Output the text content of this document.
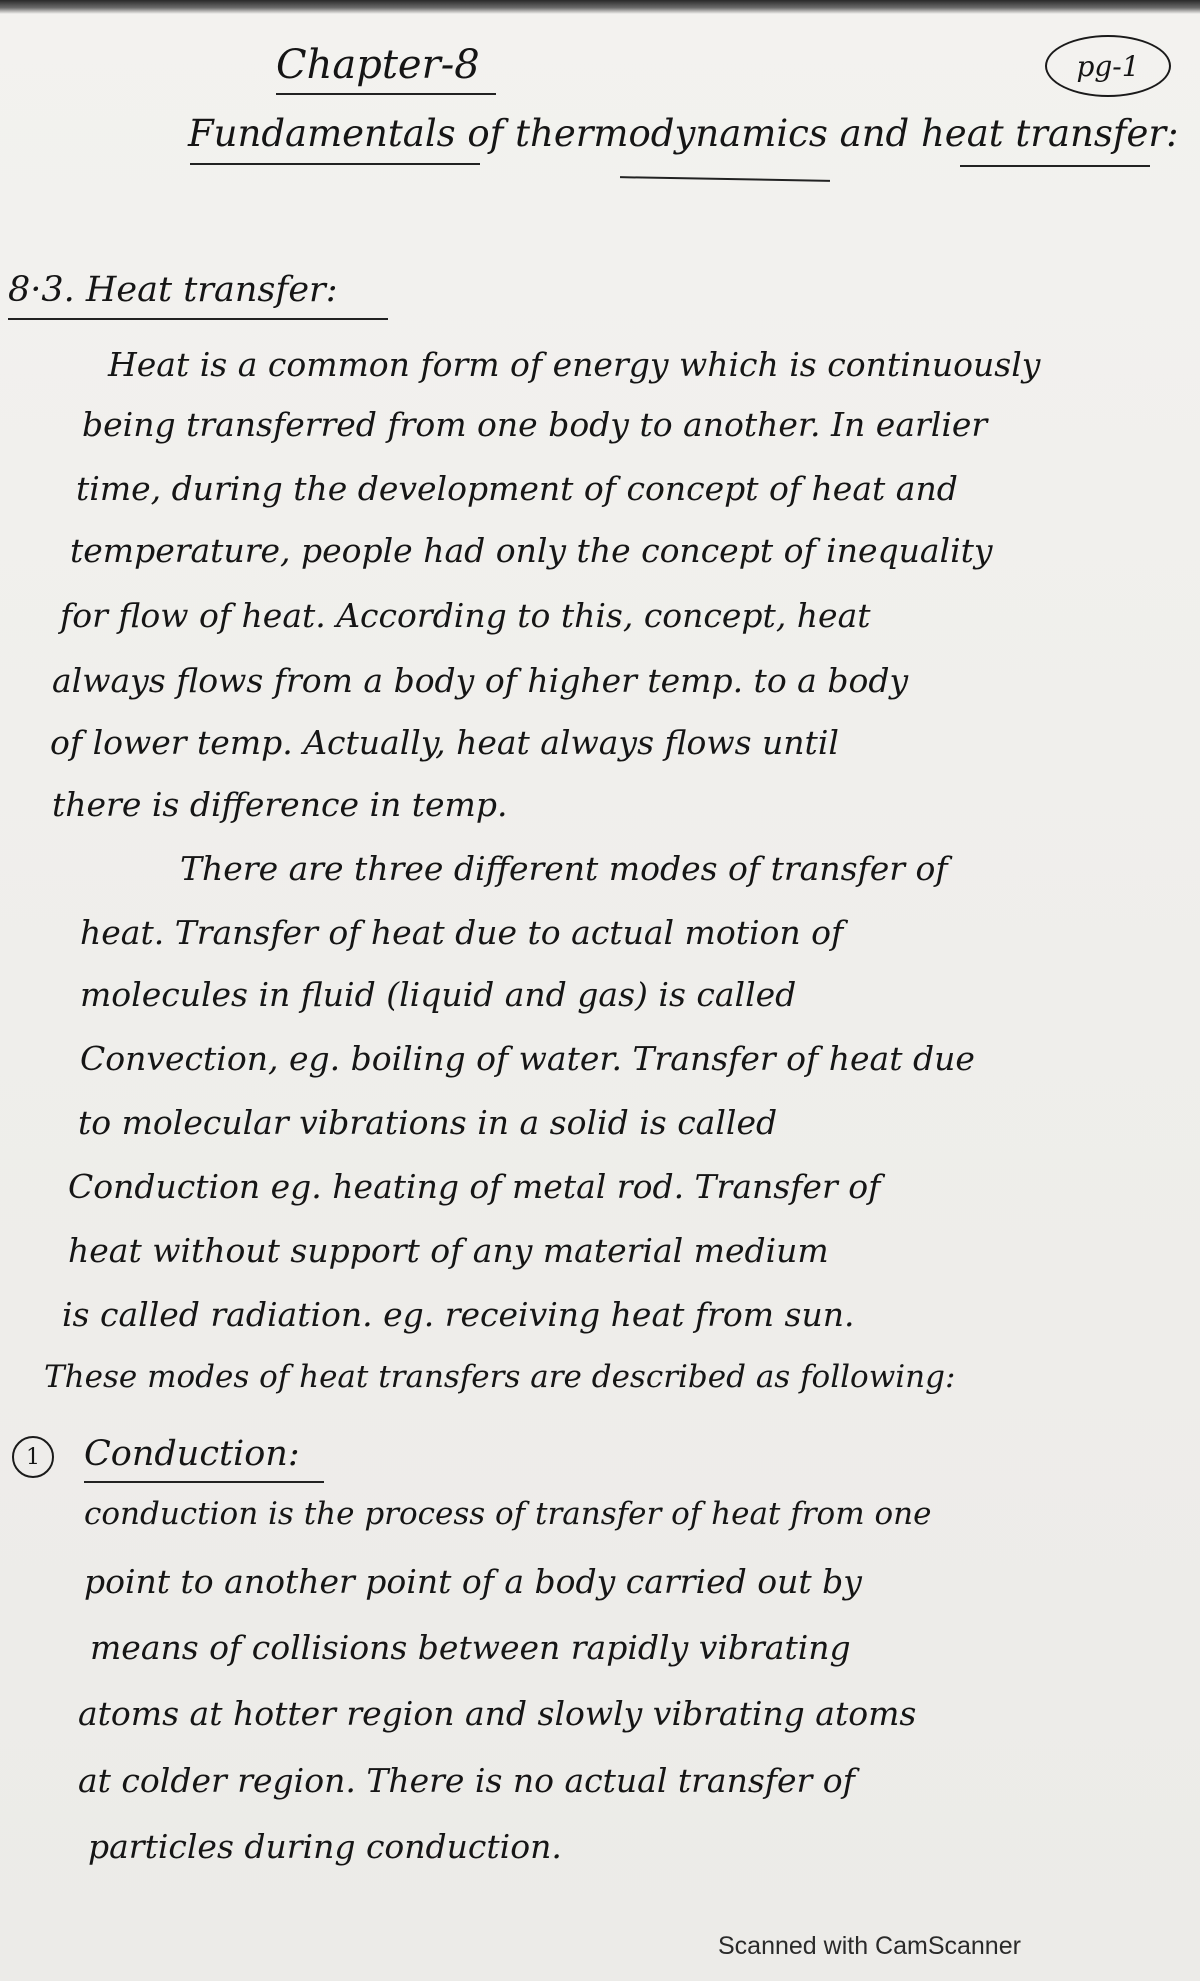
Chapter-8	pg-1
Fundamentals of thermodynamics and heat transfer:
8·3. Heat transfer:
Heat is a common form of energy which is continuously
being transferred from one body to another. In earlier
time, during the development of concept of heat and
temperature, people had only the concept of inequality
for flow of heat. According to this, concept, heat
always flows from a body of higher temp. to a body
of lower temp. Actually, heat always flows until
there is difference in temp.
There are three different modes of transfer of
heat. Transfer of heat due to actual motion of
molecules in fluid (liquid and gas) is called
Convection, eg. boiling of water. Transfer of heat due
to molecular vibrations in a solid is called
Conduction eg. heating of metal rod. Transfer of
heat without support of any material medium
is called radiation. eg. receiving heat from sun.
These modes of heat transfers are described as following:
1	Conduction:
conduction is the process of transfer of heat from one
point to another point of a body carried out by
means of collisions between rapidly vibrating
atoms at hotter region and slowly vibrating atoms
at colder region. There is no actual transfer of
particles during conduction.
Scanned with CamScanner
